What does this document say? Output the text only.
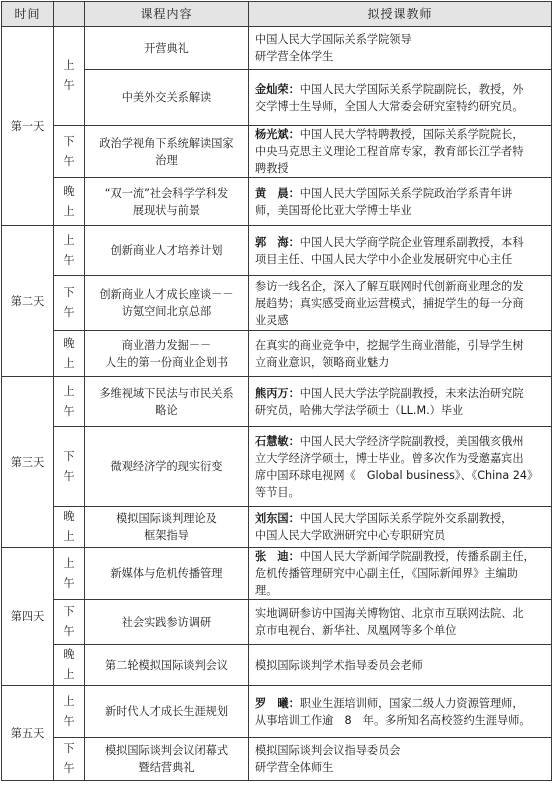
时间		课程内容	拟授课教师
第一天	上
午	开营典礼	中国人民大学国际关系学院领导
研学营全体学生

		中美外交关系解读	金灿荣：中国人民大学国际关系学院副院长，教授，外
交学博士生导师，全国人大常委会研究室特约研究员。

	下
午	政治学视角下系统解读国家
治理	杨光斌：中国人民大学特聘教授，国际关系学院院长，
中央马克思主义理论工程首席专家，教育部长江学者特
聘教授

	晚
上	“双一流”社会科学学科发
展现状与前景	黄　晨：中国人民大学国际关系学院政治学系青年讲
师，美国哥伦比亚大学博士毕业

第二天	上
午	创新商业人才培养计划	郭　海：中国人民大学商学院企业管理系副教授，本科
项目主任、中国人民大学中小企业发展研究中心主任

	下
午	创新商业人才成长座谈－－
访氪空间北京总部	参访一线名企，深入了解互联网时代创新商业理念的发
展趋势；真实感受商业运营模式，捕捉学生的每一分商
业灵感

	晚
上	商业潜力发掘－－
人生的第一份商业企划书	在真实的商业竞争中，挖掘学生商业潜能，引导学生树
立商业意识，领略商业魅力

第三天	上
午	多维视域下民法与市民关系
略论	熊丙万：中国人民大学法学院副教授，未来法治研究院
研究员，哈佛大学法学硕士（LL.M.）毕业

	下
午	微观经济学的现实衍变	石慧敏：中国人民大学经济学院副教授，美国俄亥俄州
立大学经济学硕士，博士毕业。曾多次作为受邀嘉宾出
席中国环球电视网《　Global business》、《China 24》
等节目。

	晚
上	模拟国际谈判理论及
框架指导	刘东国：中国人民大学国际关系学院外交系副教授，
中国人民大学欧洲研究中心专职研究员

第四天	上
午	新媒体与危机传播管理	张　迪：中国人民大学新闻学院副教授，传播系副主任，
危机传播管理研究中心副主任，《国际新闻界》主编助
理。

	下
午	社会实践参访调研	实地调研参访中国海关博物馆、北京市互联网法院、北
京市电视台、新华社、凤凰网等多个单位

	晚
上	第二轮模拟国际谈判会议	模拟国际谈判学术指导委员会老师

第五天	上
午	新时代人才成长生涯规划	罗　曦：职业生涯培训师，国家二级人力资源管理师，
从事培训工作逾　8　年。多所知名高校签约生涯导师。

	下
午	模拟国际谈判会议闭幕式
暨结营典礼	模拟国际谈判会议指导委员会
研学营全体师生
